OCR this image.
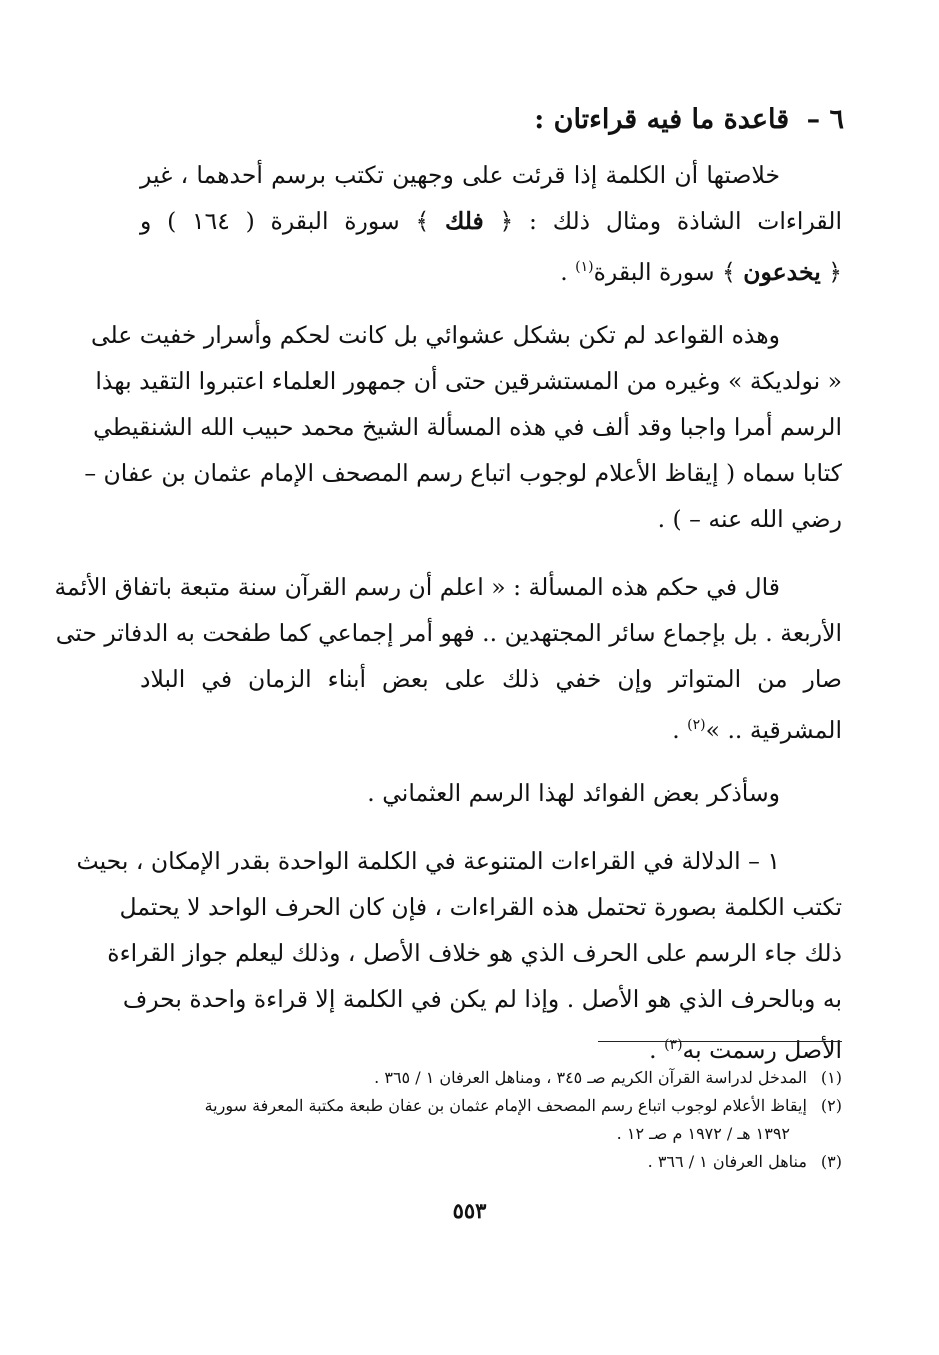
٦ – قاعدة ما فيه قراءتان :
خلاصتها أن الكلمة إذا قرئت على وجهين تكتب برسم أحدهما ، غير
القراءات الشاذة ومثال ذلك : ﴿ فلك ﴾ سورة البقرة ( ١٦٤ ) و
﴿ يخدعون ﴾ سورة البقرة$^{(١)}$ .
وهذه القواعد لم تكن بشكل عشوائي بل كانت لحكم وأسرار خفيت على
« نولديكة » وغيره من المستشرقين حتى أن جمهور العلماء اعتبروا التقيد بهذا
الرسم أمرا واجبا وقد ألف في هذه المسألة الشيخ محمد حبيب الله الشنقيطي
كتابا سماه ( إيقاظ الأعلام لوجوب اتباع رسم المصحف الإمام عثمان بن عفان –
رضي الله عنه – ) .
قال في حكم هذه المسألة : « اعلم أن رسم القرآن سنة متبعة باتفاق الأئمة
الأربعة . بل بإجماع سائر المجتهدين .. فهو أمر إجماعي كما طفحت به الدفاتر حتى
صار من المتواتر وإن خفي ذلك على بعض أبناء الزمان في البلاد
المشرقية .. »$^{(٢)}$ .
وسأذكر بعض الفوائد لهذا الرسم العثماني .
١ – الدلالة في القراءات المتنوعة في الكلمة الواحدة بقدر الإمكان ، بحيث
تكتب الكلمة بصورة تحتمل هذه القراءات ، فإن كان الحرف الواحد لا يحتمل
ذلك جاء الرسم على الحرف الذي هو خلاف الأصل ، وذلك ليعلم جواز القراءة
به وبالحرف الذي هو الأصل . وإذا لم يكن في الكلمة إلا قراءة واحدة بحرف
الأصل رسمت به$^{(٣)}$ .
(١) المدخل لدراسة القرآن الكريم صـ ٣٤٥ ، ومناهل العرفان ١ / ٣٦٥ .
(٢) إيقاظ الأعلام لوجوب اتباع رسم المصحف الإمام عثمان بن عفان طبعة مكتبة المعرفة سورية
١٣٩٢ هـ / ١٩٧٢ م صـ ١٢ .
(٣) مناهل العرفان ١ / ٣٦٦ .
٥٥٣
